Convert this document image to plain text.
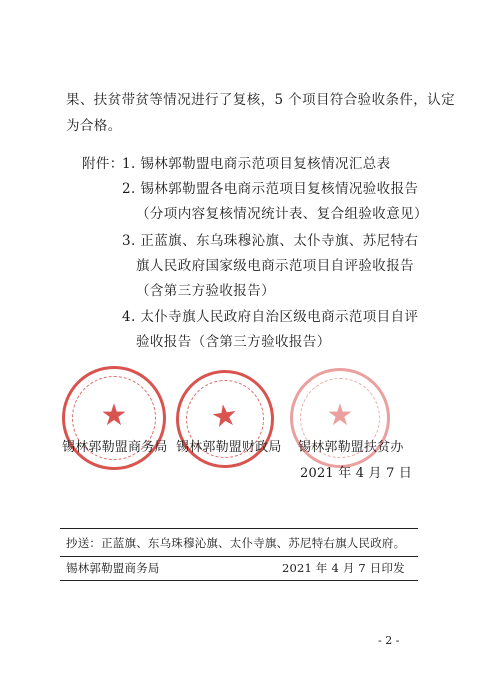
果、扶贫带贫等情况进行了复核，5 个项目符合验收条件，认定
为合格。
附件：
1. 锡林郭勒盟电商示范项目复核情况汇总表
2. 锡林郭勒盟各电商示范项目复核情况验收报告
（分项内容复核情况统计表、复合组验收意见）
3. 正蓝旗、东乌珠穆沁旗、太仆寺旗、苏尼特右
旗人民政府国家级电商示范项目自评验收报告
（含第三方验收报告）
4. 太仆寺旗人民政府自治区级电商示范项目自评
验收报告（含第三方验收报告）
★	★	★
锡林郭勒盟商务局 锡林郭勒盟财政局 锡林郭勒盟扶贫办
2021 年 4 月 7 日
抄送：正蓝旗、东乌珠穆沁旗、太仆寺旗、苏尼特右旗人民政府。
锡林郭勒盟商务局	2021 年 4 月 7 日印发
- 2 -
